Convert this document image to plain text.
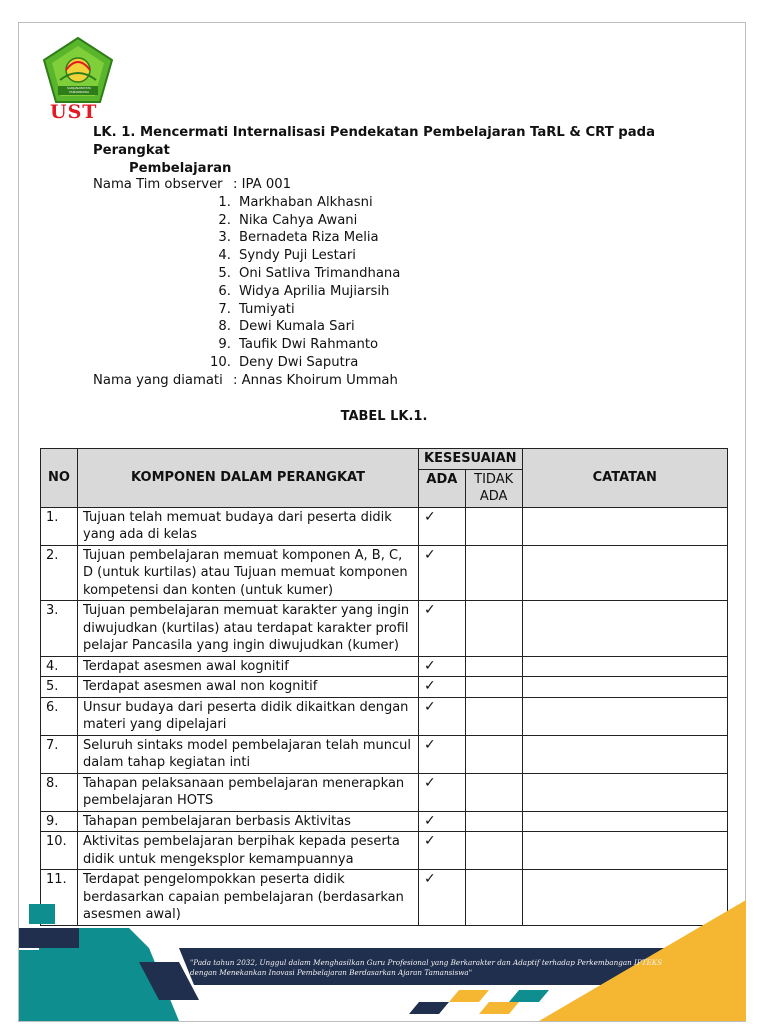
SARJANAWIYATA TAMANSISWA
UST
LK. 1. Mencermati Internalisasi Pendekatan Pembelajaran TaRL & CRT pada Perangkat
Pembelajaran
Nama Tim observer : IPA 001
1. Markhaban Alkhasni
2. Nika Cahya Awani
3. Bernadeta Riza Melia
4. Syndy Puji Lestari
5. Oni Satliva Trimandhana
6. Widya Aprilia Mujiarsih
7. Tumiyati
8. Dewi Kumala Sari
9. Taufik Dwi Rahmanto
10. Deny Dwi Saputra
Nama yang diamati : Annas Khoirum Ummah
TABEL LK.1.
NO	KOMPONEN DALAM PERANGKAT	KESESUAIAN		CATATAN
		ADA	TIDAK ADA	
1.	Tujuan telah memuat budaya dari peserta didik yang ada di kelas	✓		
2.	Tujuan pembelajaran memuat komponen A, B, C, D (untuk kurtilas) atau Tujuan memuat komponen kompetensi dan konten (untuk kumer)	✓		
3.	Tujuan pembelajaran memuat karakter yang ingin diwujudkan (kurtilas) atau terdapat karakter profil pelajar Pancasila yang ingin diwujudkan (kumer)	✓		
4.	Terdapat asesmen awal kognitif	✓		
5.	Terdapat asesmen awal non kognitif	✓		
6.	Unsur budaya dari peserta didik dikaitkan dengan materi yang dipelajari	✓		
7.	Seluruh sintaks model pembelajaran telah muncul dalam tahap kegiatan inti	✓		
8.	Tahapan pelaksanaan pembelajaran menerapkan pembelajaran HOTS	✓		
9.	Tahapan pembelajaran berbasis Aktivitas	✓		
10.	Aktivitas pembelajaran berpihak kepada peserta didik untuk mengeksplor kemampuannya	✓		
11.	Terdapat pengelompokkan peserta didik berdasarkan capaian pembelajaran (berdasarkan asesmen awal)	✓		
"Pada tahun 2032, Unggul dalam Menghasilkan Guru Profesional yang Berkarakter dan Adaptif terhadap Perkembangan IPTEKS dengan Menekankan Inovasi Pembelajaran Berdasarkan Ajaran Tamansiswa"
